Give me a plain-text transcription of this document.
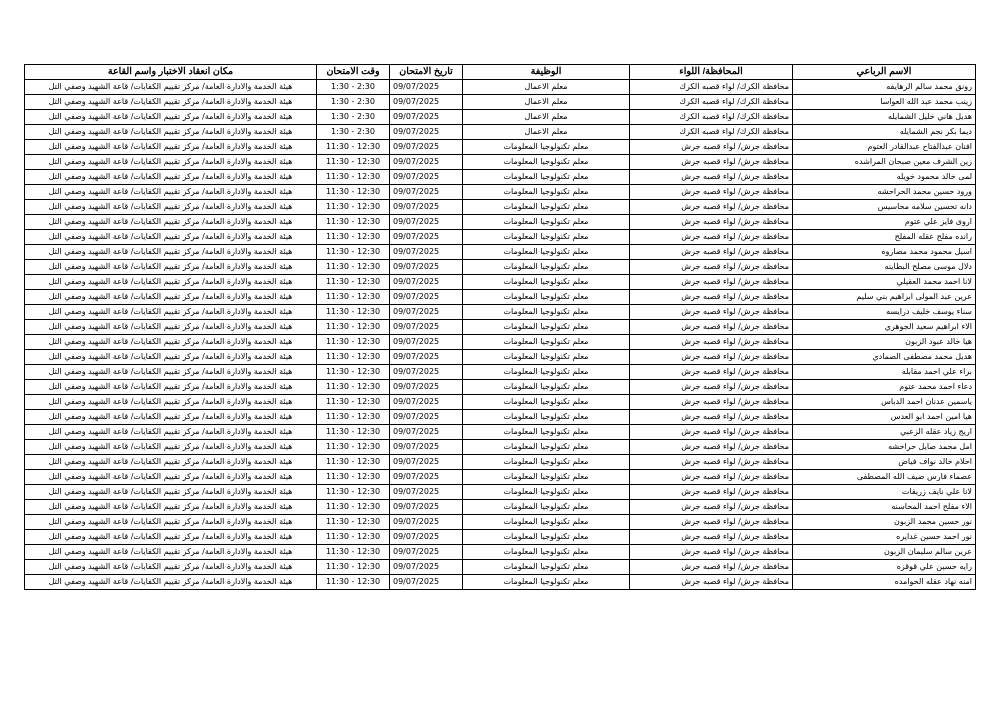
الاسم الرباعي	المحافظة/ اللواء	الوظيفة	تاريخ الامتحان	وقت الامتحان	مكان انعقاد الاختبار واسم القاعة
رونق محمد سالم الرهايفه	محافظة الكرك/ لواء قصبه الكرك	معلم الاعمال	09/07/2025	1:30 - 2:30	هيئة الخدمة والادارة العامة/ مركز تقييم الكفايات/ قاعة الشهيد وصفي التل
زينب محمد عبد الله العواسا	محافظة الكرك/ لواء قصبه الكرك	معلم الاعمال	09/07/2025	1:30 - 2:30	هيئة الخدمة والادارة العامة/ مركز تقييم الكفايات/ قاعة الشهيد وصفي التل
هديل هاني خليل الشمايله	محافظة الكرك/ لواء قصبه الكرك	معلم الاعمال	09/07/2025	1:30 - 2:30	هيئة الخدمة والادارة العامة/ مركز تقييم الكفايات/ قاعة الشهيد وصفي التل
ديما بكر نجم الشمايله	محافظة الكرك/ لواء قصبه الكرك	معلم الاعمال	09/07/2025	1:30 - 2:30	هيئة الخدمة والادارة العامة/ مركز تقييم الكفايات/ قاعة الشهيد وصفي التل
افنان عبدالفتاح عبدالقادر العتوم	محافظة جرش/ لواء قصبه جرش	معلم تكنولوجيا المعلومات	09/07/2025	11:30 - 12:30	هيئة الخدمة والادارة العامة/ مركز تقييم الكفايات/ قاعة الشهيد وصفي التل
زين الشرف معين صبحان المراشده	محافظة جرش/ لواء قصبه جرش	معلم تكنولوجيا المعلومات	09/07/2025	11:30 - 12:30	هيئة الخدمة والادارة العامة/ مركز تقييم الكفايات/ قاعة الشهيد وصفي التل
لمى خالد محمود خويله	محافظة جرش/ لواء قصبه جرش	معلم تكنولوجيا المعلومات	09/07/2025	11:30 - 12:30	هيئة الخدمة والادارة العامة/ مركز تقييم الكفايات/ قاعة الشهيد وصفي التل
ورود حسين محمد الحراحشه	محافظة جرش/ لواء قصبه جرش	معلم تكنولوجيا المعلومات	09/07/2025	11:30 - 12:30	هيئة الخدمة والادارة العامة/ مركز تقييم الكفايات/ قاعة الشهيد وصفي التل
دانه تحسين سلامه محاسيس	محافظة جرش/ لواء قصبه جرش	معلم تكنولوجيا المعلومات	09/07/2025	11:30 - 12:30	هيئة الخدمة والادارة العامة/ مركز تقييم الكفايات/ قاعة الشهيد وصفي التل
اروى فايز علي عتوم	محافظة جرش/ لواء قصبه جرش	معلم تكنولوجيا المعلومات	09/07/2025	11:30 - 12:30	هيئة الخدمة والادارة العامة/ مركز تقييم الكفايات/ قاعة الشهيد وصفي التل
رانده مفلح عقله المفلح	محافظة جرش/ لواء قصبه جرش	معلم تكنولوجيا المعلومات	09/07/2025	11:30 - 12:30	هيئة الخدمة والادارة العامة/ مركز تقييم الكفايات/ قاعة الشهيد وصفي التل
اسيل محمود محمد مصاروه	محافظة جرش/ لواء قصبه جرش	معلم تكنولوجيا المعلومات	09/07/2025	11:30 - 12:30	هيئة الخدمة والادارة العامة/ مركز تقييم الكفايات/ قاعة الشهيد وصفي التل
دلال موسى مصلح البطاينه	محافظة جرش/ لواء قصبه جرش	معلم تكنولوجيا المعلومات	09/07/2025	11:30 - 12:30	هيئة الخدمة والادارة العامة/ مركز تقييم الكفايات/ قاعة الشهيد وصفي التل
لانا احمد محمد العقيلي	محافظة جرش/ لواء قصبه جرش	معلم تكنولوجيا المعلومات	09/07/2025	11:30 - 12:30	هيئة الخدمة والادارة العامة/ مركز تقييم الكفايات/ قاعة الشهيد وصفي التل
عرين عبد المولى ابراهيم بني سليم	محافظة جرش/ لواء قصبه جرش	معلم تكنولوجيا المعلومات	09/07/2025	11:30 - 12:30	هيئة الخدمة والادارة العامة/ مركز تقييم الكفايات/ قاعة الشهيد وصفي التل
سناء يوسف خليف درايسه	محافظة جرش/ لواء قصبه جرش	معلم تكنولوجيا المعلومات	09/07/2025	11:30 - 12:30	هيئة الخدمة والادارة العامة/ مركز تقييم الكفايات/ قاعة الشهيد وصفي التل
الاء ابراهيم سعيد الجوهري	محافظة جرش/ لواء قصبه جرش	معلم تكنولوجيا المعلومات	09/07/2025	11:30 - 12:30	هيئة الخدمة والادارة العامة/ مركز تقييم الكفايات/ قاعة الشهيد وصفي التل
هيا خالد عبود الزبون	محافظة جرش/ لواء قصبه جرش	معلم تكنولوجيا المعلومات	09/07/2025	11:30 - 12:30	هيئة الخدمة والادارة العامة/ مركز تقييم الكفايات/ قاعة الشهيد وصفي التل
هديل محمد مصطفى الصمادي	محافظة جرش/ لواء قصبه جرش	معلم تكنولوجيا المعلومات	09/07/2025	11:30 - 12:30	هيئة الخدمة والادارة العامة/ مركز تقييم الكفايات/ قاعة الشهيد وصفي التل
براء علي احمد مقابله	محافظة جرش/ لواء قصبه جرش	معلم تكنولوجيا المعلومات	09/07/2025	11:30 - 12:30	هيئة الخدمة والادارة العامة/ مركز تقييم الكفايات/ قاعة الشهيد وصفي التل
دعاء احمد محمد عتوم	محافظة جرش/ لواء قصبه جرش	معلم تكنولوجيا المعلومات	09/07/2025	11:30 - 12:30	هيئة الخدمة والادارة العامة/ مركز تقييم الكفايات/ قاعة الشهيد وصفي التل
ياسمين عدنان احمد الدباس	محافظة جرش/ لواء قصبه جرش	معلم تكنولوجيا المعلومات	09/07/2025	11:30 - 12:30	هيئة الخدمة والادارة العامة/ مركز تقييم الكفايات/ قاعة الشهيد وصفي التل
هيا امين احمد ابو العدس	محافظة جرش/ لواء قصبه جرش	معلم تكنولوجيا المعلومات	09/07/2025	11:30 - 12:30	هيئة الخدمة والادارة العامة/ مركز تقييم الكفايات/ قاعة الشهيد وصفي التل
اريج زياد عقله الزعبي	محافظة جرش/ لواء قصبه جرش	معلم تكنولوجيا المعلومات	09/07/2025	11:30 - 12:30	هيئة الخدمة والادارة العامة/ مركز تقييم الكفايات/ قاعة الشهيد وصفي التل
امل محمد صايل حراحشه	محافظة جرش/ لواء قصبه جرش	معلم تكنولوجيا المعلومات	09/07/2025	11:30 - 12:30	هيئة الخدمة والادارة العامة/ مركز تقييم الكفايات/ قاعة الشهيد وصفي التل
احلام خالد نواف فياض	محافظة جرش/ لواء قصبه جرش	معلم تكنولوجيا المعلومات	09/07/2025	11:30 - 12:30	هيئة الخدمة والادارة العامة/ مركز تقييم الكفايات/ قاعة الشهيد وصفي التل
عصماء فارس ضيف الله المصطفى	محافظة جرش/ لواء قصبه جرش	معلم تكنولوجيا المعلومات	09/07/2025	11:30 - 12:30	هيئة الخدمة والادارة العامة/ مركز تقييم الكفايات/ قاعة الشهيد وصفي التل
لانا علي نايف زريقات	محافظة جرش/ لواء قصبه جرش	معلم تكنولوجيا المعلومات	09/07/2025	11:30 - 12:30	هيئة الخدمة والادارة العامة/ مركز تقييم الكفايات/ قاعة الشهيد وصفي التل
الاء مفلح احمد المحاسنه	محافظة جرش/ لواء قصبه جرش	معلم تكنولوجيا المعلومات	09/07/2025	11:30 - 12:30	هيئة الخدمة والادارة العامة/ مركز تقييم الكفايات/ قاعة الشهيد وصفي التل
نور حسين محمد الزبون	محافظة جرش/ لواء قصبه جرش	معلم تكنولوجيا المعلومات	09/07/2025	11:30 - 12:30	هيئة الخدمة والادارة العامة/ مركز تقييم الكفايات/ قاعة الشهيد وصفي التل
نور احمد حسين غدايره	محافظة جرش/ لواء قصبه جرش	معلم تكنولوجيا المعلومات	09/07/2025	11:30 - 12:30	هيئة الخدمة والادارة العامة/ مركز تقييم الكفايات/ قاعة الشهيد وصفي التل
عرين سالم سليمان الزبون	محافظة جرش/ لواء قصبه جرش	معلم تكنولوجيا المعلومات	09/07/2025	11:30 - 12:30	هيئة الخدمة والادارة العامة/ مركز تقييم الكفايات/ قاعة الشهيد وصفي التل
رايه حسين علي قوقزه	محافظة جرش/ لواء قصبه جرش	معلم تكنولوجيا المعلومات	09/07/2025	11:30 - 12:30	هيئة الخدمة والادارة العامة/ مركز تقييم الكفايات/ قاعة الشهيد وصفي التل
امنه نهاد عقله الحوامده	محافظة جرش/ لواء قصبه جرش	معلم تكنولوجيا المعلومات	09/07/2025	11:30 - 12:30	هيئة الخدمة والادارة العامة/ مركز تقييم الكفايات/ قاعة الشهيد وصفي التل
